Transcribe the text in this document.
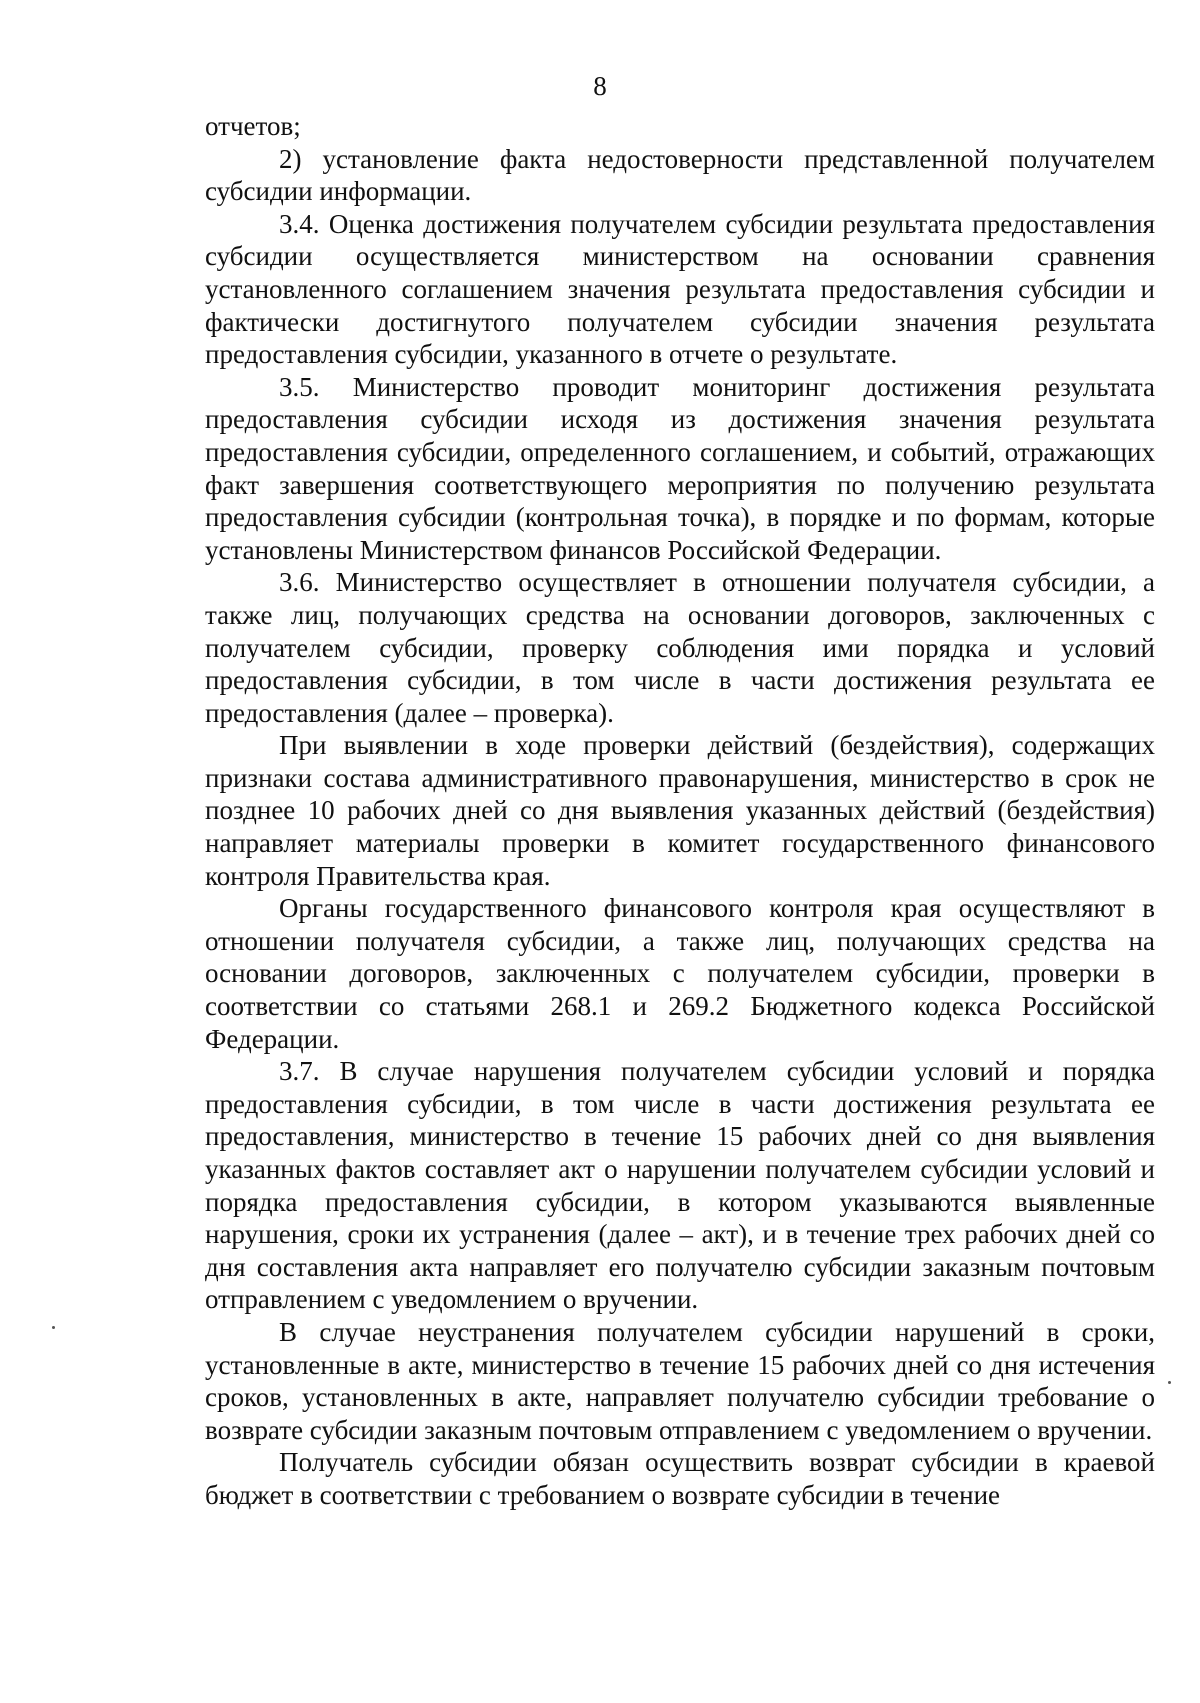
8

отчетов;

2) установление факта недостоверности представленной получателем субсидии информации.

3.4. Оценка достижения получателем субсидии результата предоставления субсидии осуществляется министерством на основании сравнения установленного соглашением значения результата предоставления субсидии и фактически достигнутого получателем субсидии значения результата предоставления субсидии, указанного в отчете о результате.

3.5. Министерство проводит мониторинг достижения результата предоставления субсидии исходя из достижения значения результата предоставления субсидии, определенного соглашением, и событий, отражающих факт завершения соответствующего мероприятия по получению результата предоставления субсидии (контрольная точка), в порядке и по формам, которые установлены Министерством финансов Российской Федерации.

3.6. Министерство осуществляет в отношении получателя субсидии, а также лиц, получающих средства на основании договоров, заключенных с получателем субсидии, проверку соблюдения ими порядка и условий предоставления субсидии, в том числе в части достижения результата ее предоставления (далее – проверка).

При выявлении в ходе проверки действий (бездействия), содержащих признаки состава административного правонарушения, министерство в срок не позднее 10 рабочих дней со дня выявления указанных действий (бездействия) направляет материалы проверки в комитет государственного финансового контроля Правительства края.

Органы государственного финансового контроля края осуществляют в отношении получателя субсидии, а также лиц, получающих средства на основании договоров, заключенных с получателем субсидии, проверки в соответствии со статьями 268.1 и 269.2 Бюджетного кодекса Российской Федерации.

3.7. В случае нарушения получателем субсидии условий и порядка предоставления субсидии, в том числе в части достижения результата ее предоставления, министерство в течение 15 рабочих дней со дня выявления указанных фактов составляет акт о нарушении получателем субсидии условий и порядка предоставления субсидии, в котором указываются выявленные нарушения, сроки их устранения (далее – акт), и в течение трех рабочих дней со дня составления акта направляет его получателю субсидии заказным почтовым отправлением с уведомлением о вручении.

В случае неустранения получателем субсидии нарушений в сроки, установленные в акте, министерство в течение 15 рабочих дней со дня истечения сроков, установленных в акте, направляет получателю субсидии требование о возврате субсидии заказным почтовым отправлением с уведомлением о вручении.

Получатель субсидии обязан осуществить возврат субсидии в краевой бюджет в соответствии с требованием о возврате субсидии в течение
